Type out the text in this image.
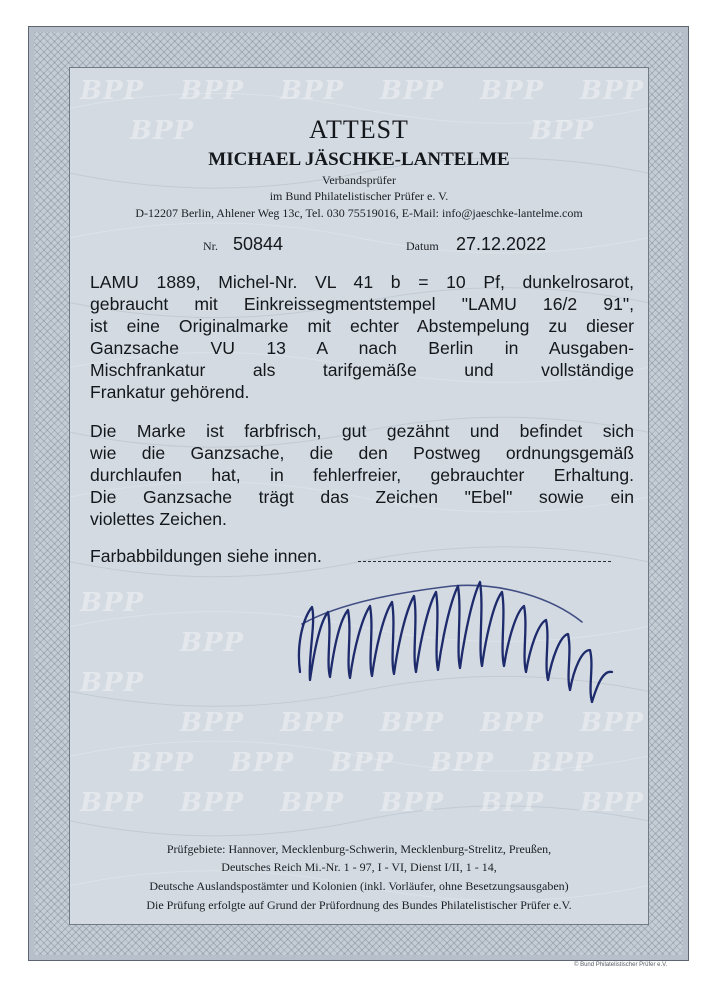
BPP BPP BPP BPP BPP BPP
BPP	BPP
BPP
BPP
BPP
BPP BPP BPP BPP BPP
BPP BPP BPP BPP BPP
BPP BPP BPP BPP BPP BPP
ATTEST
MICHAEL JÄSCHKE-LANTELME
Verbandsprüfer
im Bund Philatelistischer Prüfer e. V.
D-12207 Berlin, Ahlener Weg 13c, Tel. 030 75519016, E-Mail: info@jaeschke-lantelme.com
Nr. 50844	Datum 27.12.2022
LAMU 1889, Michel-Nr. VL 41 b = 10 Pf, dunkelrosarot,
gebraucht mit Einkreissegmentstempel "LAMU 16/2 91",
ist eine Originalmarke mit echter Abstempelung zu dieser
Ganzsache VU 13 A nach Berlin in Ausgaben-
Mischfrankatur als tarifgemäße und vollständige
Frankatur gehörend.
Die Marke ist farbfrisch, gut gezähnt und befindet sich
wie die Ganzsache, die den Postweg ordnungsgemäß
durchlaufen hat, in fehlerfreier, gebrauchter Erhaltung.
Die Ganzsache trägt das Zeichen "Ebel" sowie ein
violettes Zeichen.
Farbabbildungen siehe innen.
Prüfgebiete: Hannover, Mecklenburg-Schwerin, Mecklenburg-Strelitz, Preußen,
Deutsches Reich Mi.-Nr. 1 - 97, I - VI, Dienst I/II, 1 - 14,
Deutsche Auslandspostämter und Kolonien (inkl. Vorläufer, ohne Besetzungsausgaben)
Die Prüfung erfolgte auf Grund der Prüfordnung des Bundes Philatelistischer Prüfer e.V.
© Bund Philatelistischer Prüfer e.V.
